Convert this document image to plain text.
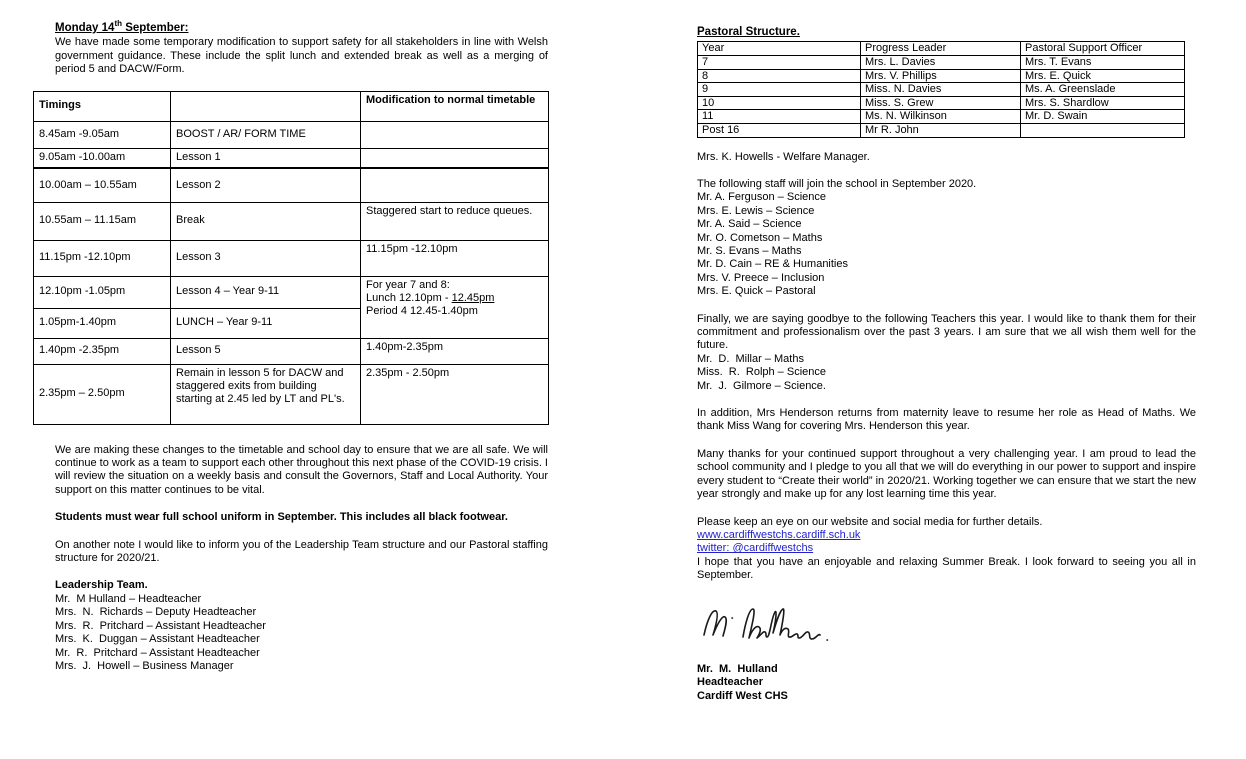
Monday 14th September:

We have made some temporary modification to support safety for all stakeholders in line with Welsh government guidance. These include the split lunch and extended break as well as a merging of period 5 and DACW/Form.

Timings		Modification to normal timetable
8.45am -9.05am	BOOST / AR/ FORM TIME	
9.05am -10.00am	Lesson 1	
10.00am – 10.55am	Lesson 2	
10.55am – 11.15am	Break	Staggered start to reduce queues.
11.15pm -12.10pm	Lesson 3	11.15pm -12.10pm
12.10pm -1.05pm	Lesson 4 – Year 9-11	For year 7 and 8:
Lunch 12.10pm - 12.45pm
Period 4 12.45-1.40pm
1.05pm-1.40pm	LUNCH – Year 9-11	
1.40pm -2.35pm	Lesson 5	1.40pm-2.35pm
2.35pm – 2.50pm	Remain in lesson 5 for DACW and staggered exits from building starting at 2.45 led by LT and PL's.	2.35pm - 2.50pm

We are making these changes to the timetable and school day to ensure that we are all safe. We will continue to work as a team to support each other throughout this next phase of the COVID-19 crisis. I will review the situation on a weekly basis and consult the Governors, Staff and Local Authority. Your support on this matter continues to be vital.

Students must wear full school uniform in September. This includes all black footwear.

On another note I would like to inform you of the Leadership Team structure and our Pastoral staffing structure for 2020/21.

Leadership Team.
Mr.  M Hulland – Headteacher
Mrs.  N.  Richards – Deputy Headteacher
Mrs.  R.  Pritchard – Assistant Headteacher
Mrs.  K.  Duggan – Assistant Headteacher
Mr.  R.  Pritchard – Assistant Headteacher
Mrs.  J.  Howell – Business Manager
Pastoral Structure.
Year	Progress Leader	Pastoral Support Officer
7	Mrs. L. Davies	Mrs. T. Evans
8	Mrs. V. Phillips	Mrs. E. Quick
9	Miss. N. Davies	Ms. A. Greenslade
10	Miss. S. Grew	Mrs. S. Shardlow
11	Ms. N. Wilkinson	Mr. D. Swain
Post 16	Mr R. John	

Mrs. K. Howells - Welfare Manager.

The following staff will join the school in September 2020.

Mr. A. Ferguson – Science
Mrs. E. Lewis – Science
Mr. A. Said – Science
Mr. O. Cometson – Maths
Mr. S. Evans – Maths
Mr. D. Cain – RE & Humanities
Mrs. V. Preece – Inclusion
Mrs. E. Quick – Pastoral

Finally, we are saying goodbye to the following Teachers this year. I would like to thank them for their commitment and professionalism over the past 3 years. I am sure that we all wish them well for the future.

Mr.  D.  Millar – Maths
Miss.  R.  Rolph – Science
Mr.  J.  Gilmore – Science.

In addition, Mrs Henderson returns from maternity leave to resume her role as Head of Maths. We thank Miss Wang for covering Mrs. Henderson this year.

Many thanks for your continued support throughout a very challenging year. I am proud to lead the school community and I pledge to you all that we will do everything in our power to support and inspire every student to “Create their world” in 2020/21. Working together we can ensure that we start the new year strongly and make up for any lost learning time this year.

Please keep an eye on our website and social media for further details.

www.cardiffwestchs.cardiff.sch.uk

twitter: @cardiffwestchs

I hope that you have an enjoyable and relaxing Summer Break. I look forward to seeing you all in September.

Mr.  M.  Hulland
Headteacher
Cardiff West CHS
